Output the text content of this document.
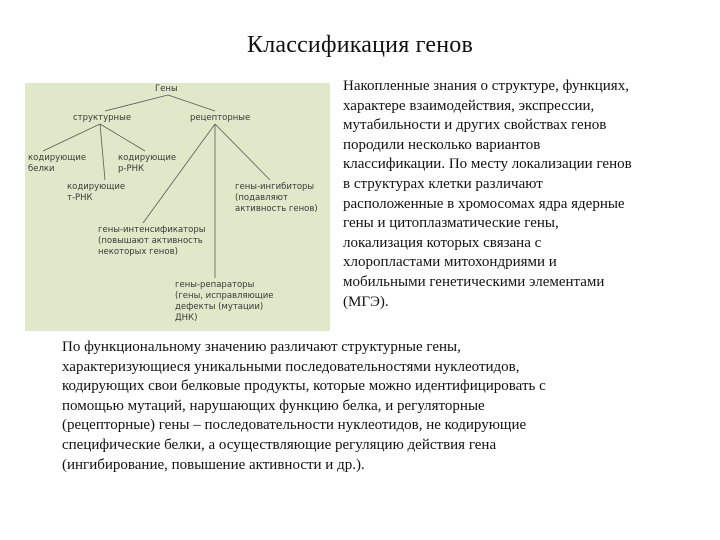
Классификация генов
Гены
структурные	рецепторные
кодирующие
белки
кодирующие
р-РНК
кодирующие
т-РНК
гены-ингибиторы
(подавляют
активность генов)
гены-интенсификаторы
(повышают активность
некоторых генов)
гены-репараторы
(гены, исправляющие
дефекты (мутации)
ДНК)
Накопленные знания о структуре, функциях,
характере взаимодействия, экспрессии,
мутабильности и других свойствах генов
породили несколько вариантов
классификации. По месту локализации генов
в структурах клетки различают
расположенные в хромосомах ядра ядерные
гены и цитоплазматические гены,
локализация которых связана с
хлоропластами митохондриями и
мобильными генетическими элементами
(МГЭ).
По функциональному значению различают структурные гены,
характеризующиеся уникальными последовательностями нуклеотидов,
кодирующих свои белковые продукты, которые можно идентифицировать с
помощью мутаций, нарушающих функцию белка, и регуляторные
(рецепторные) гены – последовательности нуклеотидов, не кодирующие
специфические белки, а осуществляющие регуляцию действия гена
(ингибирование, повышение активности и др.).
